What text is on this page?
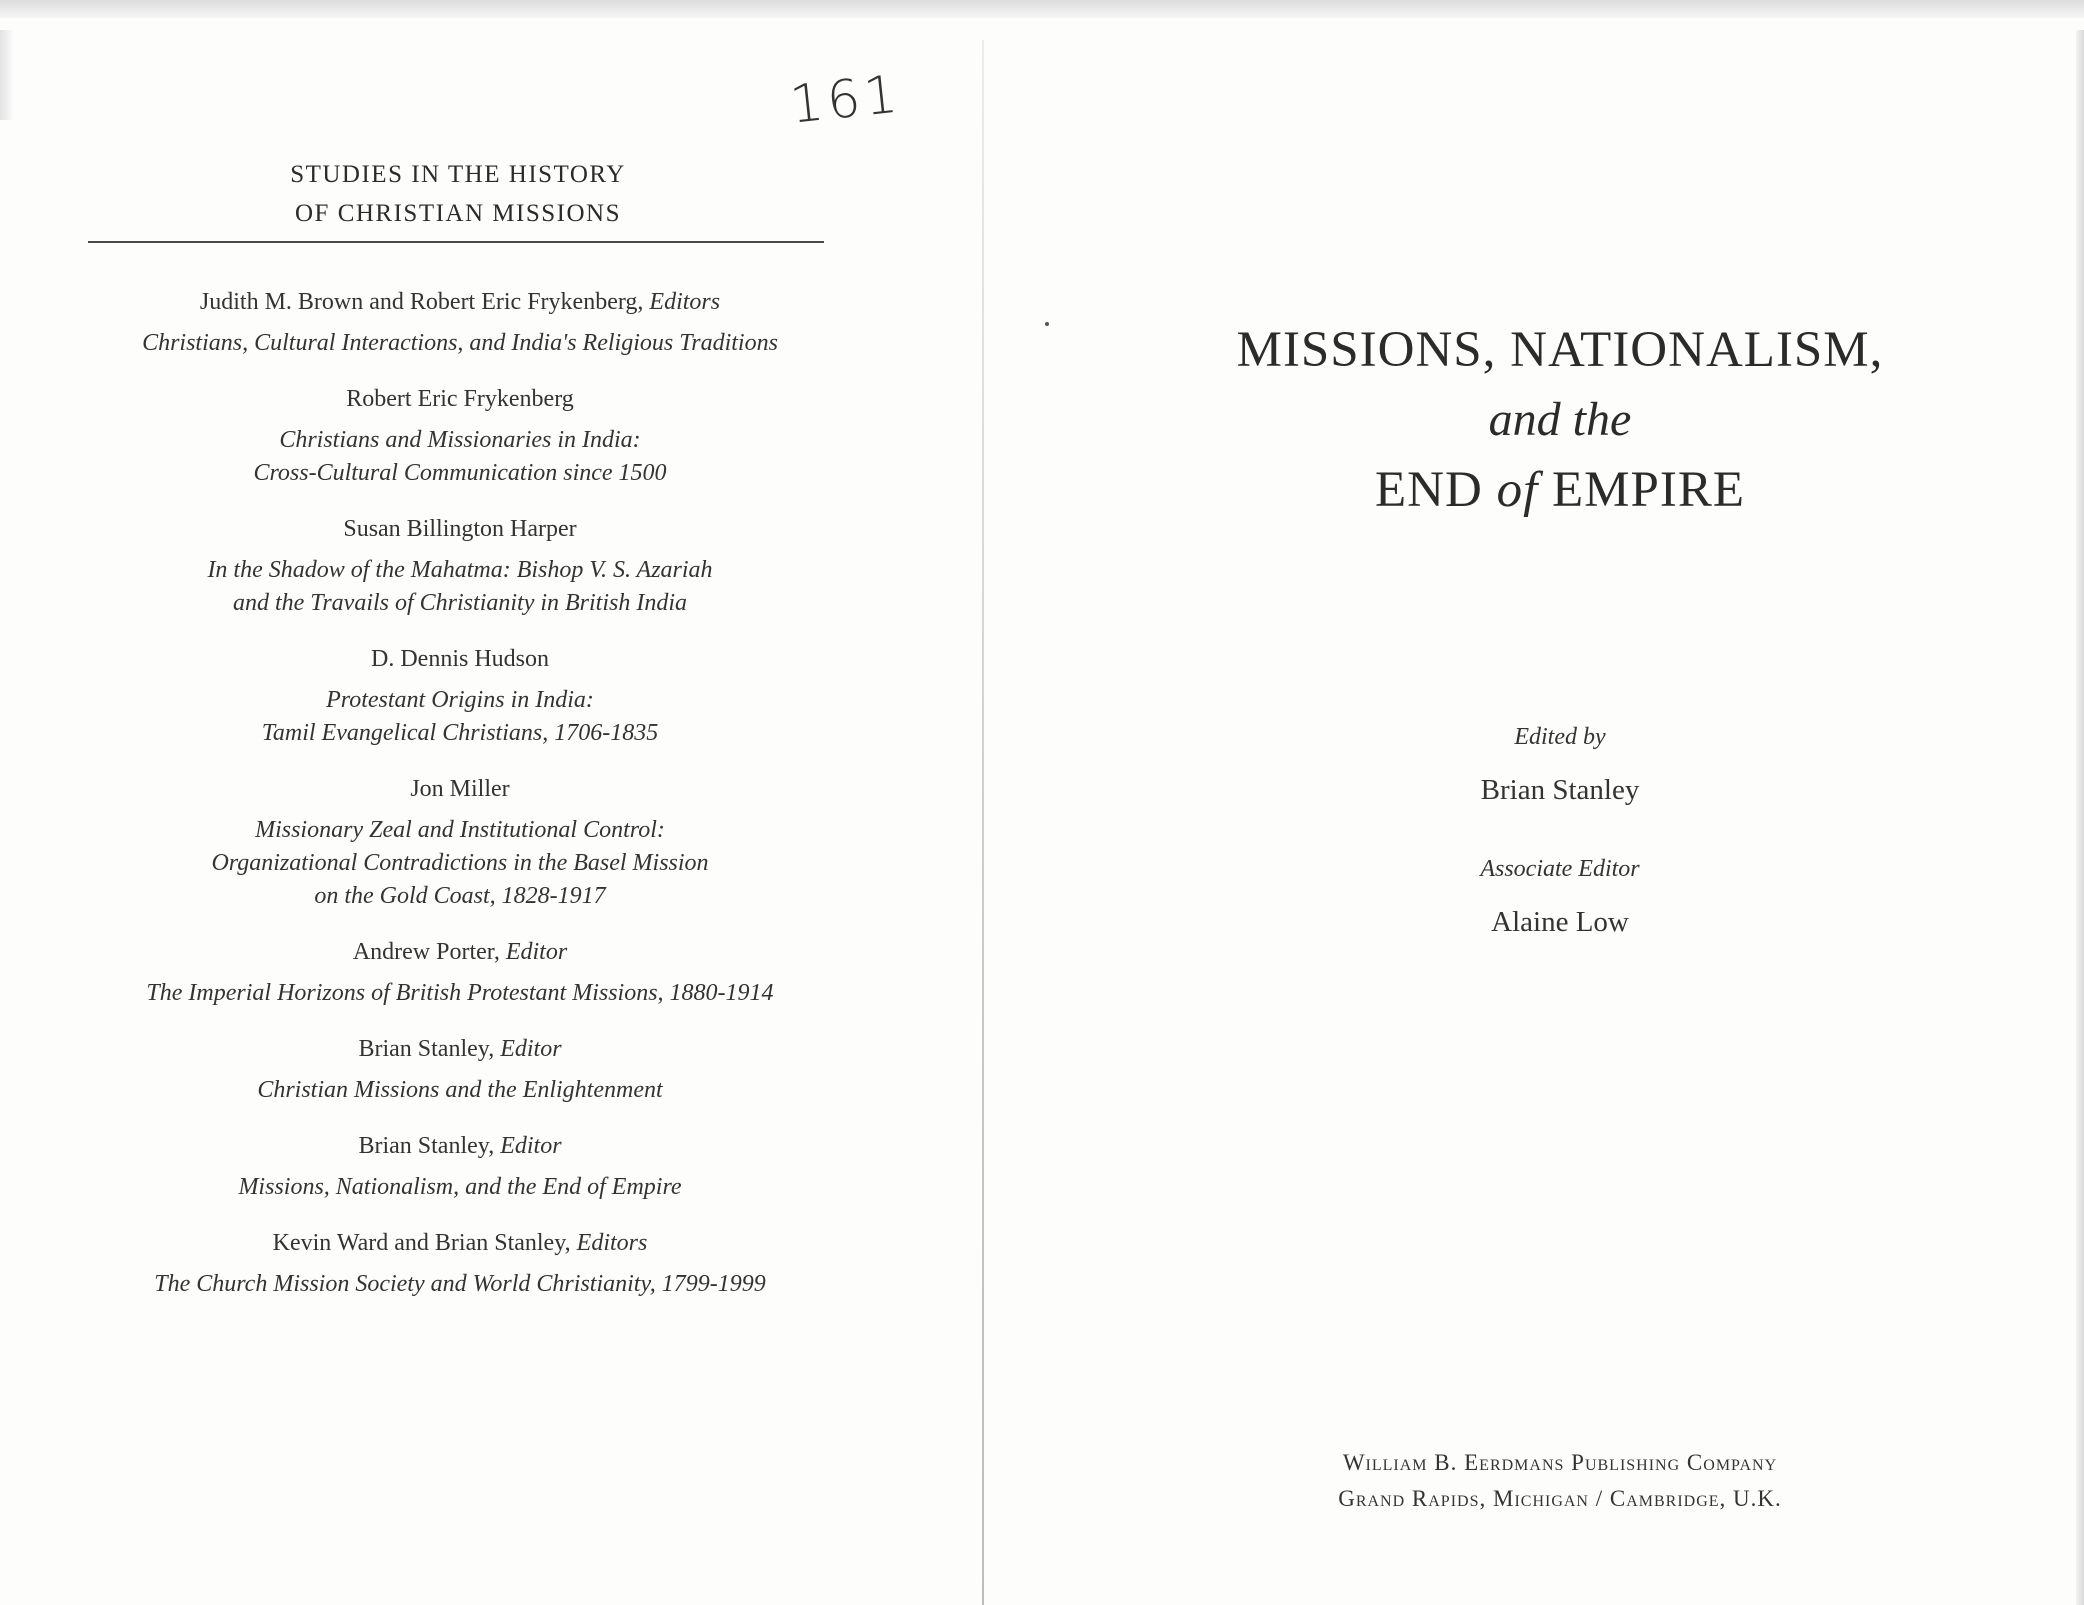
161
STUDIES IN THE HISTORY
OF CHRISTIAN MISSIONS
Judith M. Brown and Robert Eric Frykenberg, Editors
Christians, Cultural Interactions, and India's Religious Traditions
Robert Eric Frykenberg
Christians and Missionaries in India:
Cross-Cultural Communication since 1500
Susan Billington Harper
In the Shadow of the Mahatma: Bishop V. S. Azariah
and the Travails of Christianity in British India
D. Dennis Hudson
Protestant Origins in India:
Tamil Evangelical Christians, 1706-1835
Jon Miller
Missionary Zeal and Institutional Control:
Organizational Contradictions in the Basel Mission
on the Gold Coast, 1828-1917
Andrew Porter, Editor
The Imperial Horizons of British Protestant Missions, 1880-1914
Brian Stanley, Editor
Christian Missions and the Enlightenment
Brian Stanley, Editor
Missions, Nationalism, and the End of Empire
Kevin Ward and Brian Stanley, Editors
The Church Mission Society and World Christianity, 1799-1999
MISSIONS, NATIONALISM,
and the
END of EMPIRE
Edited by
Brian Stanley
Associate Editor
Alaine Low
William B. Eerdmans Publishing Company
Grand Rapids, Michigan / Cambridge, U.K.
